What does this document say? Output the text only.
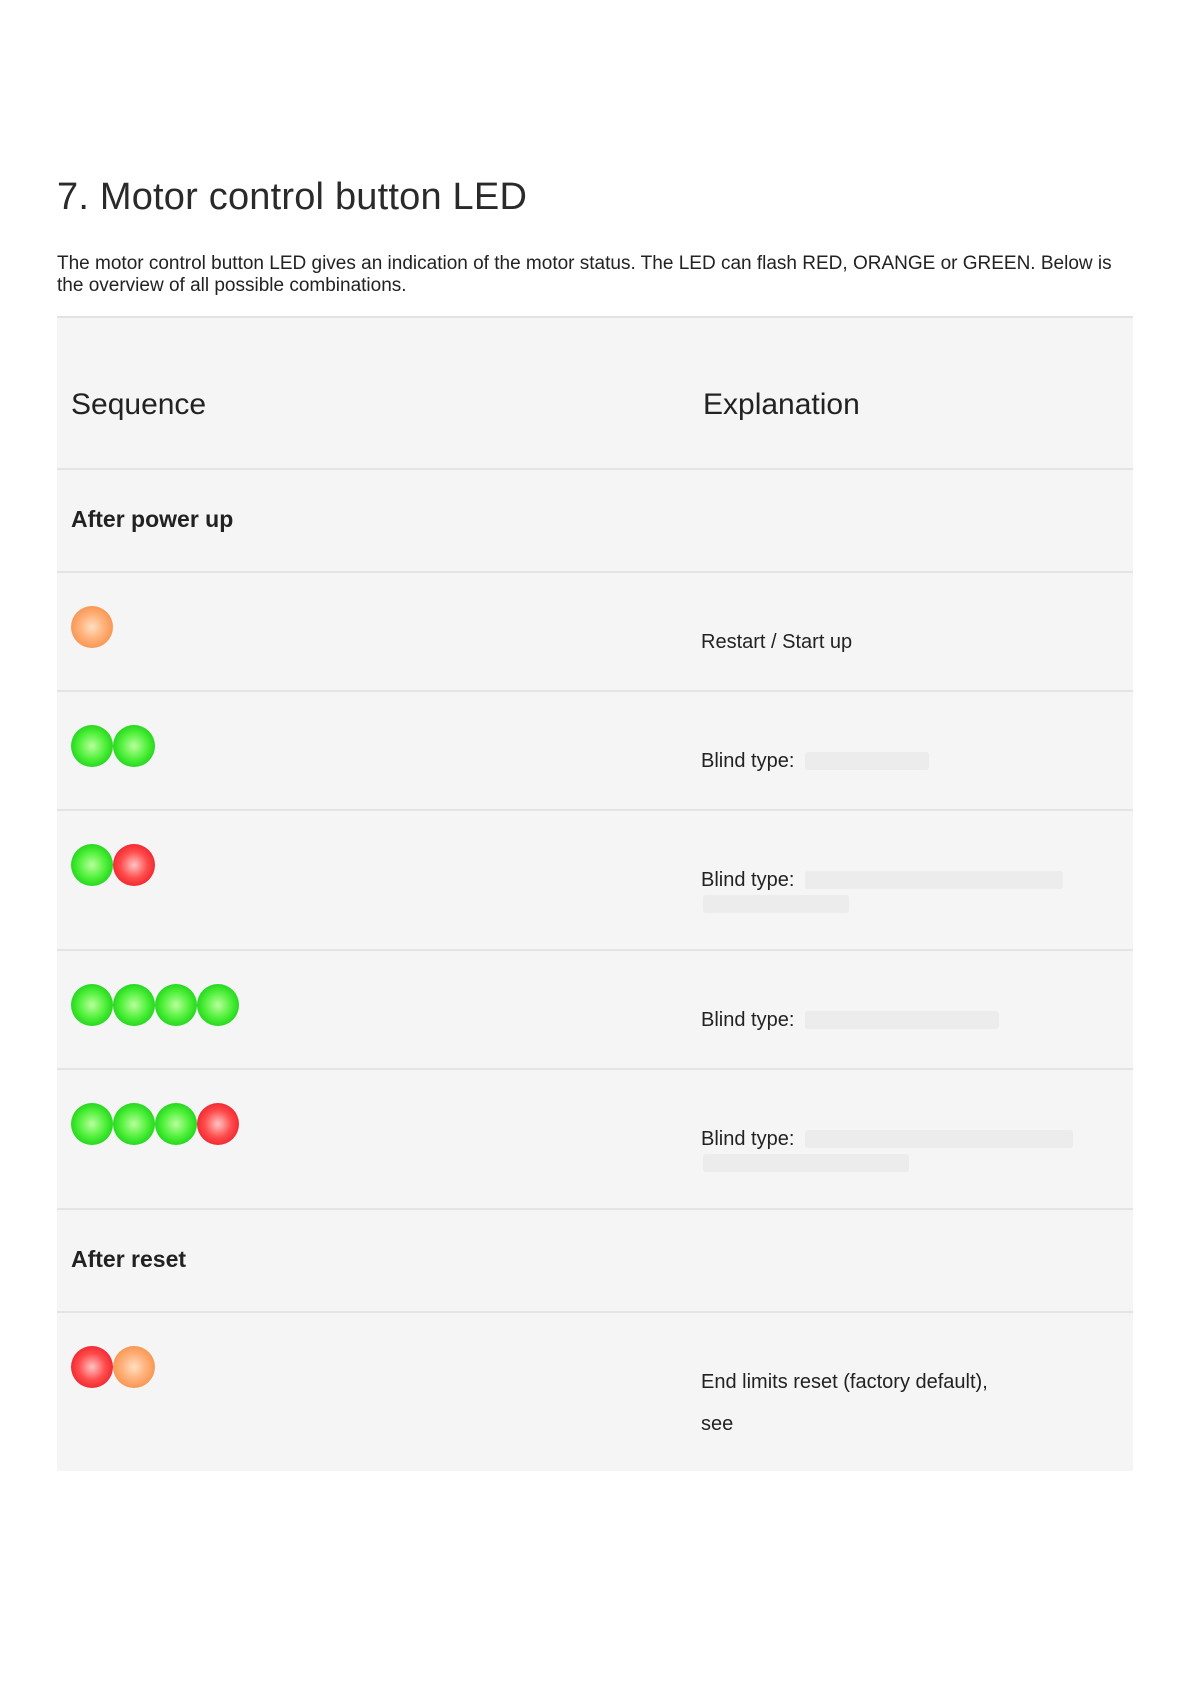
7. Motor control button LED

The motor control button LED gives an indication of the motor status. The LED can flash RED, ORANGE or GREEN. Below is the overview of all possible combinations.

Sequence	Explanation
After power up
Restart / Start up
Blind type:
Blind type:
Blind type:
Blind type:
After reset
End limits reset (factory default),
see
